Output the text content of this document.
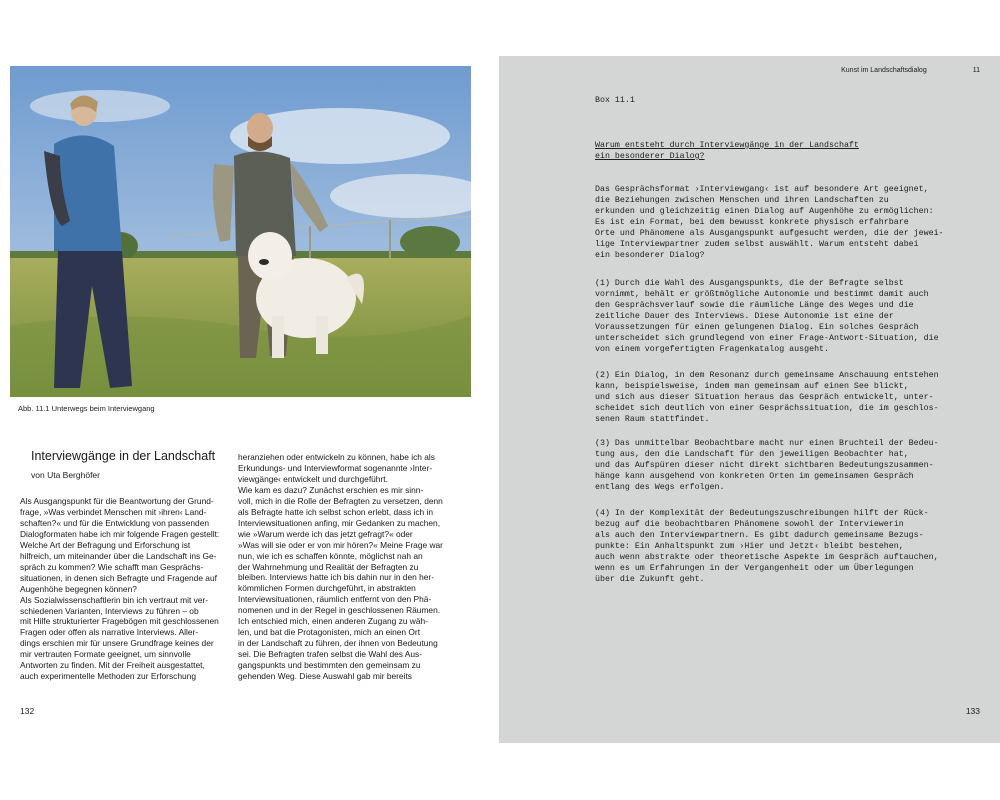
Abb. 11.1 Unterwegs beim Interviewgang
Interviewgänge in der Landschaft
von Uta Berghöfer

Als Ausgangspunkt für die Beantwortung der Grund-
frage, »Was verbindet Menschen mit ›ihren‹ Land-
schaften?« und für die Entwicklung von passenden
Dialogformaten habe ich mir folgende Fragen gestellt:
Welche Art der Befragung und Erforschung ist
hilfreich, um miteinander über die Landschaft ins Ge-
spräch zu kommen? Wie schafft man Gesprächs-
situationen, in denen sich Befragte und Fragende auf
Augenhöhe begegnen können?
Als Sozialwissenschaftlerin bin ich vertraut mit ver-
schiedenen Varianten, Interviews zu führen – ob
mit Hilfe strukturierter Fragebögen mit geschlossenen
Fragen oder offen als narrative Interviews. Aller-
dings erschien mir für unsere Grundfrage keines der
mir vertrauten Formate geeignet, um sinnvolle
Antworten zu finden. Mit der Freiheit ausgestattet,
auch experimentelle Methoden zur Erforschung

heranziehen oder entwickeln zu können, habe ich als
Erkundungs- und Interviewformat sogenannte ›Inter-
viewgänge‹ entwickelt und durchgeführt.
Wie kam es dazu? Zunächst erschien es mir sinn-
voll, mich in die Rolle der Befragten zu versetzen, denn
als Befragte hatte ich selbst schon erlebt, dass ich in
Interviewsituationen anfing, mir Gedanken zu machen,
wie »Warum werde ich das jetzt gefragt?« oder
»Was will sie oder er von mir hören?« Meine Frage war
nun, wie ich es schaffen könnte, möglichst nah an
der Wahrnehmung und Realität der Befragten zu
bleiben. Interviews hatte ich bis dahin nur in den her-
kömmlichen Formen durchgeführt, in abstrakten
Interviewsituationen, räumlich entfernt von den Phä-
nomenen und in der Regel in geschlossenen Räumen.
Ich entschied mich, einen anderen Zugang zu wäh-
len, und bat die Protagonisten, mich an einen Ort
in der Landschaft zu führen, der ihnen von Bedeutung
sei. Die Befragten trafen selbst die Wahl des Aus-
gangspunkts und bestimmten den gemeinsam zu
gehenden Weg. Diese Auswahl gab mir bereits

132
Kunst im Landschaftsdialog	11
Box 11.1
Warum entsteht durch Interviewgänge in der Landschaft
ein besonderer Dialog?
Das Gesprächsformat ›Interviewgang‹ ist auf besondere Art geeignet,
die Beziehungen zwischen Menschen und ihren Landschaften zu
erkunden und gleichzeitig einen Dialog auf Augenhöhe zu ermöglichen:
Es ist ein Format, bei dem bewusst konkrete physisch erfahrbare
Orte und Phänomene als Ausgangspunkt aufgesucht werden, die der jewei-
lige Interviewpartner zudem selbst auswählt. Warum entsteht dabei
ein besonderer Dialog?
(1) Durch die Wahl des Ausgangspunkts, die der Befragte selbst
vornimmt, behält er größtmögliche Autonomie und bestimmt damit auch
den Gesprächsverlauf sowie die räumliche Länge des Weges und die
zeitliche Dauer des Interviews. Diese Autonomie ist eine der
Voraussetzungen für einen gelungenen Dialog. Ein solches Gespräch
unterscheidet sich grundlegend von einer Frage-Antwort-Situation, die
von einem vorgefertigten Fragenkatalog ausgeht.
(2) Ein Dialog, in dem Resonanz durch gemeinsame Anschauung entstehen
kann, beispielsweise, indem man gemeinsam auf einen See blickt,
und sich aus dieser Situation heraus das Gespräch entwickelt, unter-
scheidet sich deutlich von einer Gesprächssituation, die im geschlos-
senen Raum stattfindet.
(3) Das unmittelbar Beobachtbare macht nur einen Bruchteil der Bedeu-
tung aus, den die Landschaft für den jeweiligen Beobachter hat,
und das Aufspüren dieser nicht direkt sichtbaren Bedeutungszusammen-
hänge kann ausgehend von konkreten Orten im gemeinsamen Gespräch
entlang des Wegs erfolgen.
(4) In der Komplexität der Bedeutungszuschreibungen hilft der Rück-
bezug auf die beobachtbaren Phänomene sowohl der Interviewerin
als auch den Interviewpartnern. Es gibt dadurch gemeinsame Bezugs-
punkte: Ein Anhaltspunkt zum ›Hier und Jetzt‹ bleibt bestehen,
auch wenn abstrakte oder theoretische Aspekte im Gespräch auftauchen,
wenn es um Erfahrungen in der Vergangenheit oder um Überlegungen
über die Zukunft geht.
133
